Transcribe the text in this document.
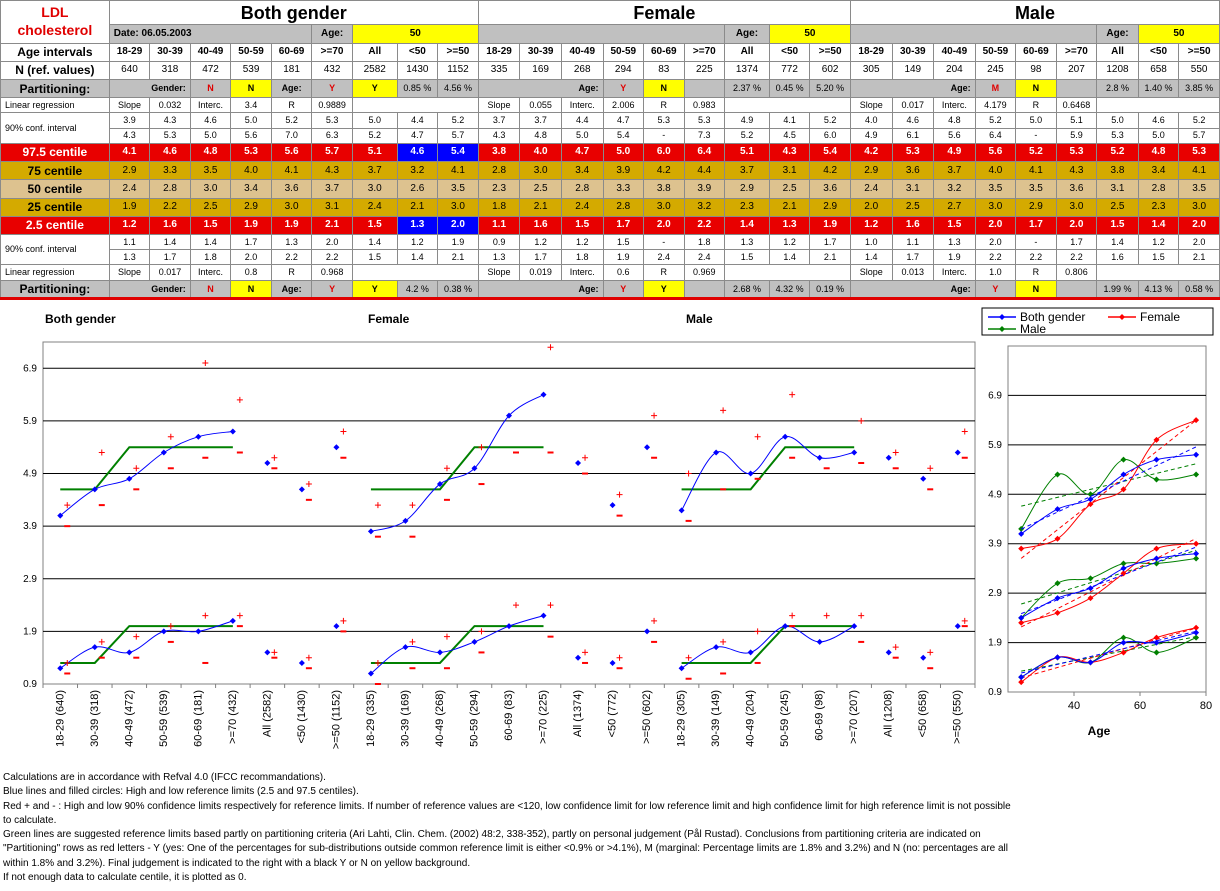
LDL
cholesterol	Both gender									Female									Male								
	Date: 06.05.2003					Age:	50									Age:	50								Age:	50	
Age intervals	18-29	30-39	40-49	50-59	60-69	>=70	All	<50	>=50	18-29	30-39	40-49	50-59	60-69	>=70	All	<50	>=50	18-29	30-39	40-49	50-59	60-69	>=70	All	<50	>=50
N (ref. values)	640	318	472	539	181	432	2582	1430	1152	335	169	268	294	83	225	1374	772	602	305	149	204	245	98	207	1208	658	550
Partitioning:	Gender:		N	N	Age:	Y	Y	0.85 %	4.56 %	Age:			Y	N		2.37 %	0.45 %	5.20 %	Age:			M	N		2.8 %	1.40 %	3.85 %
Linear regression	Slope	0.032	Interc.	3.4	R	0.9889				Slope	0.055	Interc.	2.006	R	0.983				Slope	0.017	Interc.	4.179	R	0.6468			
90% conf. interval	3.9	4.3	4.6	5.0	5.2	5.3	5.0	4.4	5.2	3.7	3.7	4.4	4.7	5.3	5.3	4.9	4.1	5.2	4.0	4.6	4.8	5.2	5.0	5.1	5.0	4.6	5.2
	4.3	5.3	5.0	5.6	7.0	6.3	5.2	4.7	5.7	4.3	4.8	5.0	5.4	-	7.3	5.2	4.5	6.0	4.9	6.1	5.6	6.4	-	5.9	5.3	5.0	5.7
97.5 centile	4.1	4.6	4.8	5.3	5.6	5.7	5.1	4.6	5.4	3.8	4.0	4.7	5.0	6.0	6.4	5.1	4.3	5.4	4.2	5.3	4.9	5.6	5.2	5.3	5.2	4.8	5.3
75 centile	2.9	3.3	3.5	4.0	4.1	4.3	3.7	3.2	4.1	2.8	3.0	3.4	3.9	4.2	4.4	3.7	3.1	4.2	2.9	3.6	3.7	4.0	4.1	4.3	3.8	3.4	4.1
50 centile	2.4	2.8	3.0	3.4	3.6	3.7	3.0	2.6	3.5	2.3	2.5	2.8	3.3	3.8	3.9	2.9	2.5	3.6	2.4	3.1	3.2	3.5	3.5	3.6	3.1	2.8	3.5
25 centile	1.9	2.2	2.5	2.9	3.0	3.1	2.4	2.1	3.0	1.8	2.1	2.4	2.8	3.0	3.2	2.3	2.1	2.9	2.0	2.5	2.7	3.0	2.9	3.0	2.5	2.3	3.0
2.5 centile	1.2	1.6	1.5	1.9	1.9	2.1	1.5	1.3	2.0	1.1	1.6	1.5	1.7	2.0	2.2	1.4	1.3	1.9	1.2	1.6	1.5	2.0	1.7	2.0	1.5	1.4	2.0
90% conf. interval	1.1	1.4	1.4	1.7	1.3	2.0	1.4	1.2	1.9	0.9	1.2	1.2	1.5	-	1.8	1.3	1.2	1.7	1.0	1.1	1.3	2.0	-	1.7	1.4	1.2	2.0
	1.3	1.7	1.8	2.0	2.2	2.2	1.5	1.4	2.1	1.3	1.7	1.8	1.9	2.4	2.4	1.5	1.4	2.1	1.4	1.7	1.9	2.2	2.2	2.2	1.6	1.5	2.1
Linear regression	Slope	0.017	Interc.	0.8	R	0.968				Slope	0.019	Interc.	0.6	R	0.969				Slope	0.013	Interc.	1.0	R	0.806			
Partitioning:	Gender:		N	N	Age:	Y	Y	4.2 %	0.38 %	Age:			Y	Y		2.68 %	4.32 %	0.19 %	Age:			Y	N		1.99 %	4.13 %	0.58 %
Both gender	Female	Male
6.9
5.9
4.9
3.9
2.9
1.9
0.9
18-29 (640) 30-39 (318) 40-49 (472) 50-59 (539) 60-69 (181) >=70 (432) All (2582) <50 (1430) >=50 (1152) 18-29 (335) 30-39 (169) 40-49 (268) 50-59 (294) 60-69 (83) >=70 (225) All (1374) <50 (772) >=50 (602) 18-29 (305) 30-39 (149) 40-49 (204) 50-59 (245) 60-69 (98) >=70 (207) All (1208) <50 (658) >=50 (550)
Both gender	Female
Male
6.9
5.9
4.9
3.9
2.9
1.9
0.9
40	60	80
Age

Calculations are in accordance with Refval 4.0 (IFCC recommandations).

Blue lines and filled circles: High and low reference limits (2.5 and 97.5 centiles).

Red + and - : High and low 90% confidence limits respectively for reference limits. If number of reference values are <120, low confidence limit for low reference limit and high confidence limit for high reference limit is not possible to calculate.

Green lines are suggested reference limits based partly on partitioning criteria (Ari Lahti, Clin. Chem. (2002) 48:2, 338-352), partly on personal judgement (Pål Rustad). Conclusions from partitioning criteria are indicated on "Partitioning" rows as red letters - Y (yes: One of the percentages for sub-distributions outside common reference limit is either <0.9% or >4.1%), M (marginal: Percentage limits are 1.8% and 3.2%) and N (no: percentages are all within 1.8% and 3.2%). Final judgement is indicated to the right with a black Y or N on yellow background.

If not enough data to calculate centile, it is plotted as 0.
